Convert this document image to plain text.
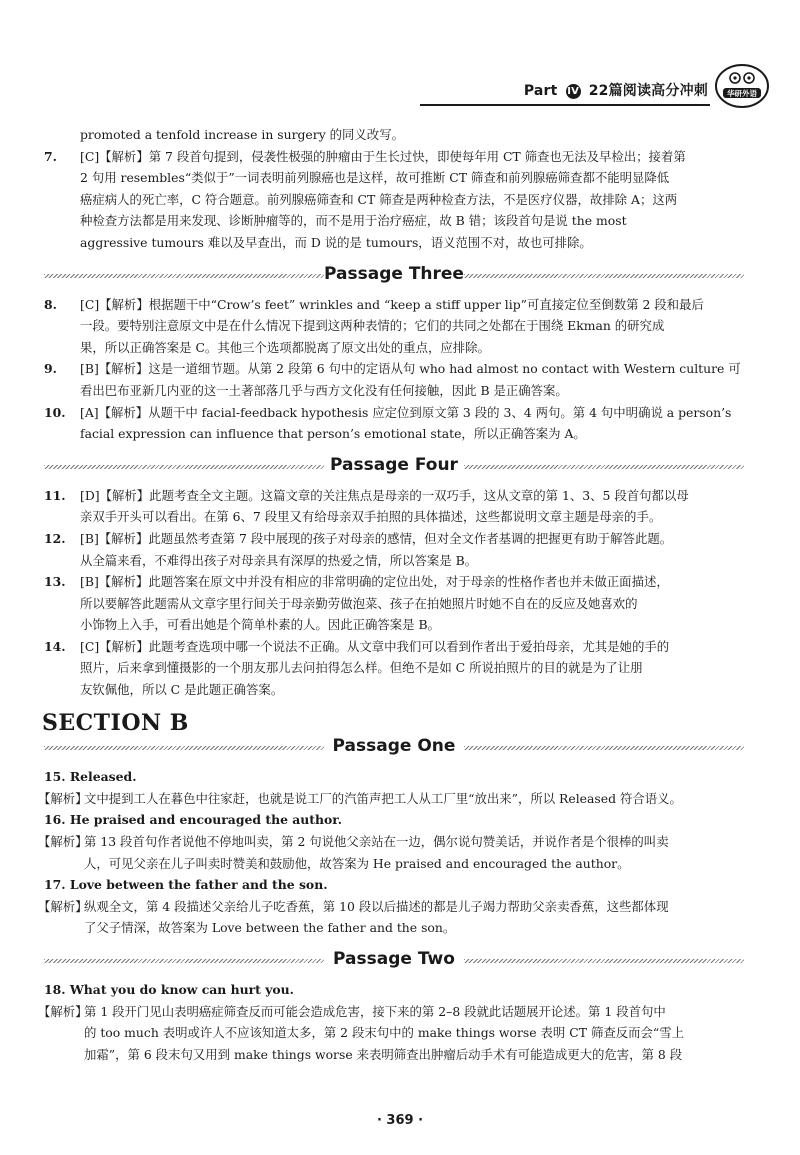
Part IV 22篇阅读高分冲刺	华研外语

promoted a tenfold increase in surgery 的同义改写。

7. [C]【解析】第 7 段首句提到，侵袭性极强的肿瘤由于生长过快，即使每年用 CT 筛查也无法及早检出；接着第
2 句用 resembles“类似于”一词表明前列腺癌也是这样，故可推断 CT 筛查和前列腺癌筛查都不能明显降低
癌症病人的死亡率，C 符合题意。前列腺癌筛查和 CT 筛查是两种检查方法，不是医疗仪器，故排除 A；这两
种检查方法都是用来发现、诊断肿瘤等的，而不是用于治疗癌症，故 B 错；该段首句是说 the most
aggressive tumours 难以及早查出，而 D 说的是 tumours，语义范围不对，故也可排除。
Passage Three
8. [C]【解析】根据题干中“Crow’s feet” wrinkles and “keep a stiff upper lip”可直接定位至倒数第 2 段和最后
一段。要特别注意原文中是在什么情况下提到这两种表情的；它们的共同之处都在于围绕 Ekman 的研究成
果，所以正确答案是 C。其他三个选项都脱离了原文出处的重点，应排除。
9. [B]【解析】这是一道细节题。从第 2 段第 6 句中的定语从句 who had almost no contact with Western culture 可
看出巴布亚新几内亚的这一土著部落几乎与西方文化没有任何接触，因此 B 是正确答案。
10. [A]【解析】从题干中 facial-feedback hypothesis 应定位到原文第 3 段的 3、4 两句。第 4 句中明确说 a person’s
facial expression can influence that person’s emotional state，所以正确答案为 A。
Passage Four
11. [D]【解析】此题考查全文主题。这篇文章的关注焦点是母亲的一双巧手，这从文章的第 1、3、5 段首句都以母
亲双手开头可以看出。在第 6、7 段里又有给母亲双手拍照的具体描述，这些都说明文章主题是母亲的手。
12. [B]【解析】此题虽然考查第 7 段中展现的孩子对母亲的感情，但对全文作者基调的把握更有助于解答此题。
从全篇来看，不难得出孩子对母亲具有深厚的热爱之情，所以答案是 B。
13. [B]【解析】此题答案在原文中并没有相应的非常明确的定位出处，对于母亲的性格作者也并未做正面描述，
所以要解答此题需从文章字里行间关于母亲勤劳做泡菜、孩子在拍她照片时她不自在的反应及她喜欢的
小饰物上入手，可看出她是个简单朴素的人。因此正确答案是 B。
14. [C]【解析】此题考查选项中哪一个说法不正确。从文章中我们可以看到作者出于爱拍母亲，尤其是她的手的
照片，后来拿到懂摄影的一个朋友那儿去问拍得怎么样。但绝不是如 C 所说拍照片的目的就是为了让朋
友钦佩他，所以 C 是此题正确答案。
SECTION B
Passage One

15. Released.

【解析】
文中提到工人在暮色中往家赶，也就是说工厂的汽笛声把工人从工厂里“放出来”，所以 Released 符合语义。

16. He praised and encouraged the author.

【解析】
第 13 段首句作者说他不停地叫卖，第 2 句说他父亲站在一边，偶尔说句赞美话，并说作者是个很棒的叫卖
人，可见父亲在儿子叫卖时赞美和鼓励他，故答案为 He praised and encouraged the author。

17. Love between the father and the son.

【解析】
纵观全文，第 4 段描述父亲给儿子吃香蕉，第 10 段以后描述的都是儿子竭力帮助父亲卖香蕉，这些都体现
了父子情深，故答案为 Love between the father and the son。
Passage Two

18. What you do know can hurt you.

【解析】
第 1 段开门见山表明癌症筛查反而可能会造成危害，接下来的第 2–8 段就此话题展开论述。第 1 段首句中
的 too much 表明或许人不应该知道太多，第 2 段末句中的 make things worse 表明 CT 筛查反而会“雪上
加霜”，第 6 段末句又用到 make things worse 来表明筛查出肿瘤后动手术有可能造成更大的危害，第 8 段
· 369 ·
